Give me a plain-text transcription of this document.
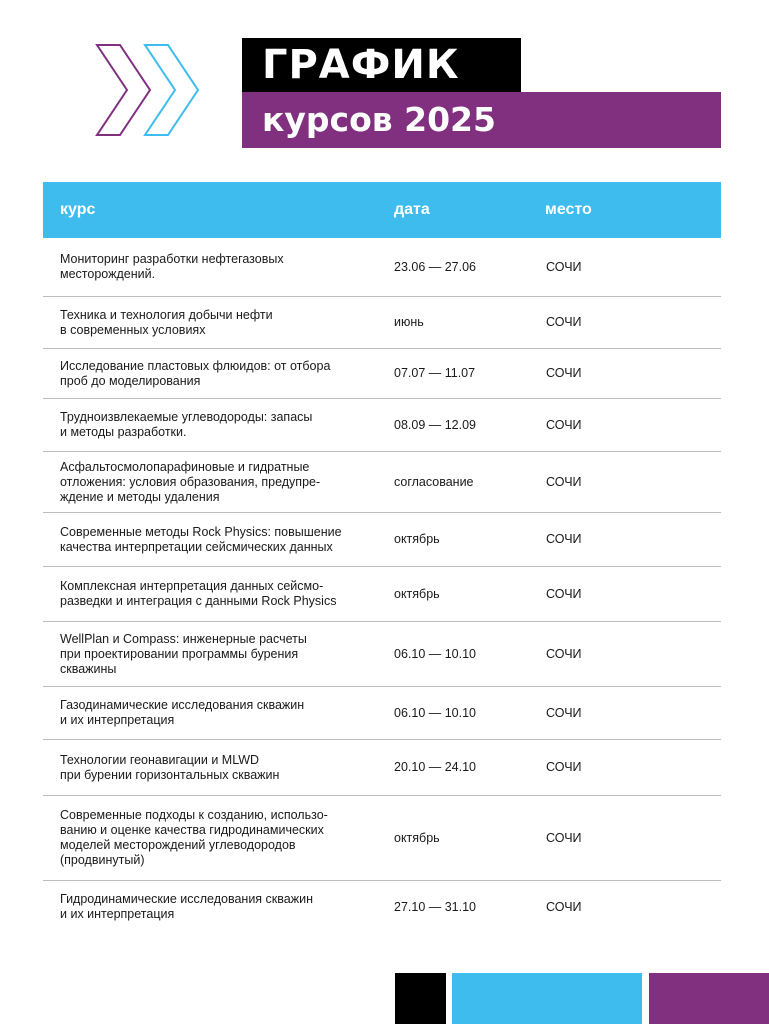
ГРАФИК
курсов 2025
курс	дата	место
Мониторинг разработки нефтегазовых
месторождений.
23.06 — 27.06	СОЧИ
Техника и технология добычи нефти
в современных условиях
июнь	СОЧИ
Исследование пластовых флюидов: от отбора
проб до моделирования
07.07 — 11.07	СОЧИ
Трудноизвлекаемые углеводороды: запасы
и методы разработки.
08.09 — 12.09	СОЧИ
Асфальтосмолопарафиновые и гидратные
отложения: условия образования, предупре-
ждение и методы удаления
согласование	СОЧИ
Современные методы Rock Physics: повышение
качества интерпретации сейсмических данных
октябрь	СОЧИ
Комплексная интерпретация данных сейсмо-
разведки и интеграция с данными Rock Physics
октябрь	СОЧИ
WellPlan и Compass: инженерные расчеты
при проектировании программы бурения
скважины
06.10 — 10.10	СОЧИ
Газодинамические исследования скважин
и их интерпретация
06.10 — 10.10	СОЧИ
Технологии геонавигации и MLWD
при бурении горизонтальных скважин
20.10 — 24.10	СОЧИ
Современные подходы к созданию, использо-
ванию и оценке качества гидродинамических
моделей месторождений углеводородов
(продвинутый)
октябрь	СОЧИ
Гидродинамические исследования скважин
и их интерпретация
27.10 — 31.10	СОЧИ
